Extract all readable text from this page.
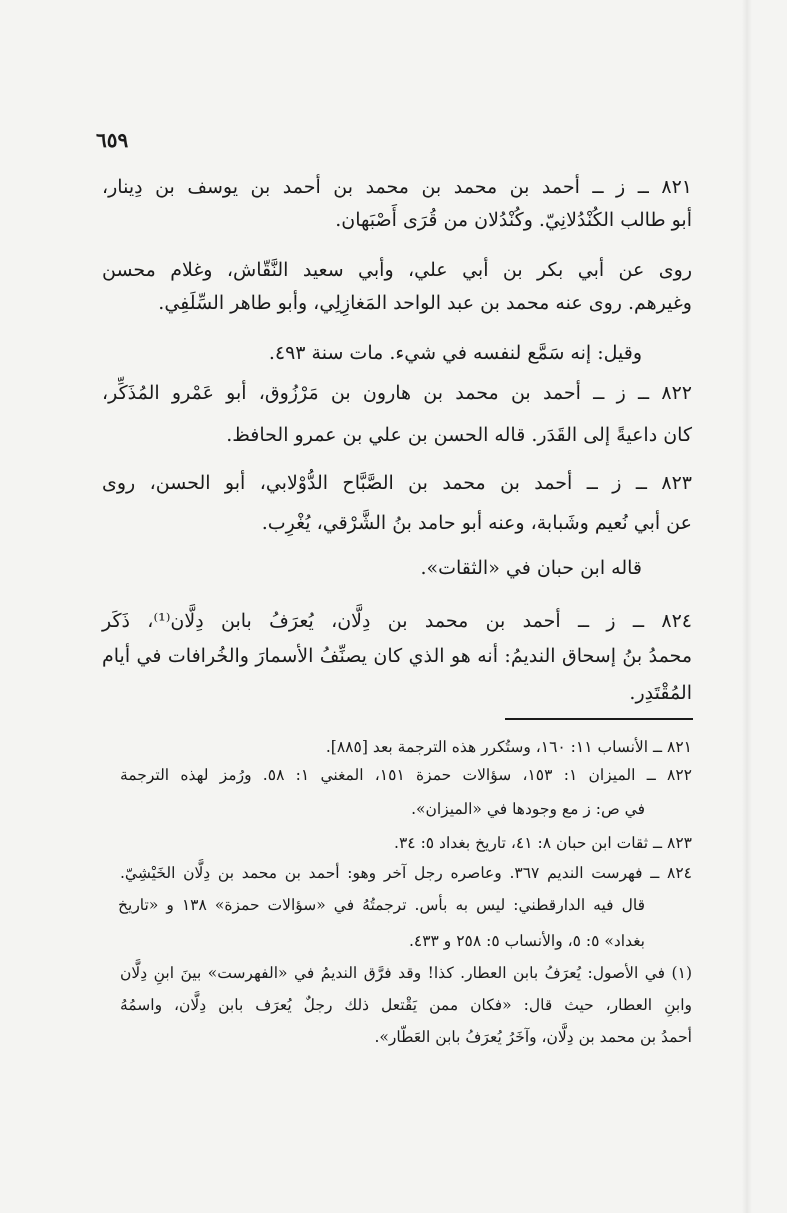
٦٥٩
٨٢١ ــ ز ــ أحمد بن محمد بن محمد بن أحمد بن يوسف بن دِينار،
أبو طالب الكُنْدُلانِيّ. وكُنْدُلان من قُرَى أَصْبَهان.
روى عن أبي بكر بن أبي علي، وأبي سعيد النَّقّاش، وغلام محسن
وغيرهم. روى عنه محمد بن عبد الواحد المَغازِلِي، وأبو طاهر السِّلَفِي.
وقيل: إنه سَمَّع لنفسه في شيء. مات سنة ٤٩٣.
٨٢٢ ــ ز ــ أحمد بن محمد بن هارون بن مَرْزُوق، أبو عَمْرو المُذَكِّر،
كان داعيةً إلى القَدَر. قاله الحسن بن علي بن عمرو الحافظ.
٨٢٣ ــ ز ــ أحمد بن محمد بن الصَّبَّاح الدُّوْلابي، أبو الحسن، روى
عن أبي نُعيم وشَبابة، وعنه أبو حامد بنُ الشَّرْقي، يُغْرِب.
قاله ابن حبان في «الثقات».
٨٢٤ ــ ز ــ أحمد بن محمد بن دِلَّان، يُعرَفُ بابن دِلَّان⁽¹⁾، ذَكَر
محمدُ بنُ إسحاق النديمُ: أنه هو الذي كان يصنِّفُ الأسمارَ والخُرافات في أيام
المُقْتَدِر.
٨٢١ ــ الأنساب ١١: ١٦٠، وستُكرر هذه الترجمة بعد [٨٨٥].
٨٢٢ ــ الميزان ١: ١٥٣، سؤالات حمزة ١٥١، المغني ١: ٥٨. ورُمز لهذه الترجمة
في ص: ز مع وجودها في «الميزان».
٨٢٣ ــ ثقات ابن حبان ٨: ٤١، تاريخ بغداد ٥: ٣٤.
٨٢٤ ــ فهرست النديم ٣٦٧. وعاصره رجل آخر وهو: أحمد بن محمد بن دِلَّان الخَيْشِيّ.
قال فيه الدارقطني: ليس به بأس. ترجمتُهُ في «سؤالات حمزة» ١٣٨ و «تاريخ
بغداد» ٥: ٥، والأنساب ٥: ٢٥٨ و ٤٣٣.
(١) في الأصول: يُعرَفُ بابن العطار. كذا! وقد فرَّق النديمُ في «الفهرست» بينَ ابنِ دِلَّان
وابنِ العطار، حيث قال: «فكان ممن يَقْتعل ذلك رجلٌ يُعرَف بابن دِلَّان، واسمُهُ
أحمدُ بن محمد بن دِلَّان، وآخَرُ يُعرَفُ بابن العَطّار».
